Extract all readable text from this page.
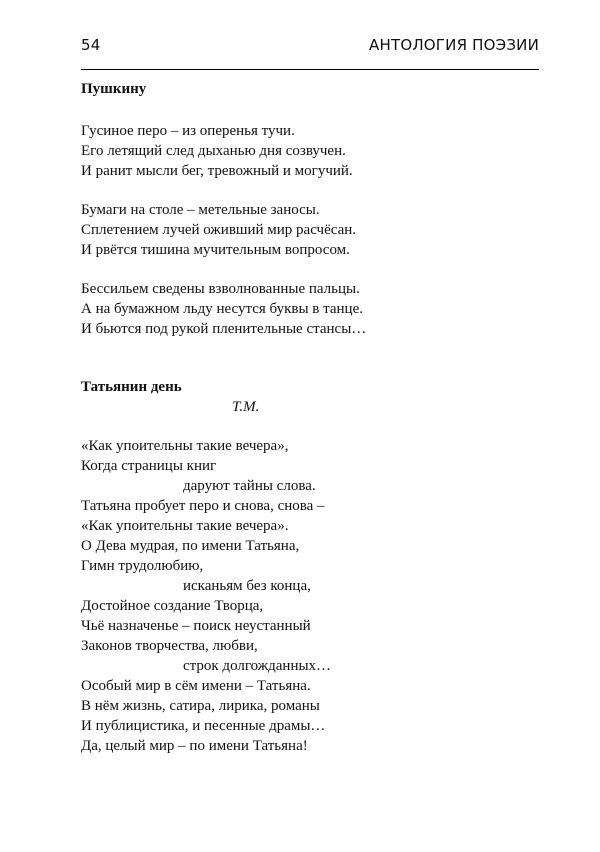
54	АНТОЛОГИЯ ПОЭЗИИ
Пушкину
Гусиное перо – из оперенья тучи.
Его летящий след дыханью дня созвучен.
И ранит мысли бег, тревожный и могучий.
Бумаги на столе – метельные заносы.
Сплетением лучей оживший мир расчёсан.
И рвётся тишина мучительным вопросом.
Бессильем сведены взволнованные пальцы.
А на бумажном льду несутся буквы в танце.
И бьются под рукой пленительные стансы…
Татьянин день
Т.М.
«Как упоительны такие вечера»,
Когда страницы книг
даруют тайны слова.
Татьяна пробует перо и снова, снова –
«Как упоительны такие вечера».
О Дева мудрая, по имени Татьяна,
Гимн трудолюбию,
исканьям без конца,
Достойное создание Творца,
Чьё назначенье – поиск неустанный
Законов творчества, любви,
строк долгожданных…
Особый мир в сём имени – Татьяна.
В нём жизнь, сатира, лирика, романы
И публицистика, и песенные драмы…
Да, целый мир – по имени Татьяна!
